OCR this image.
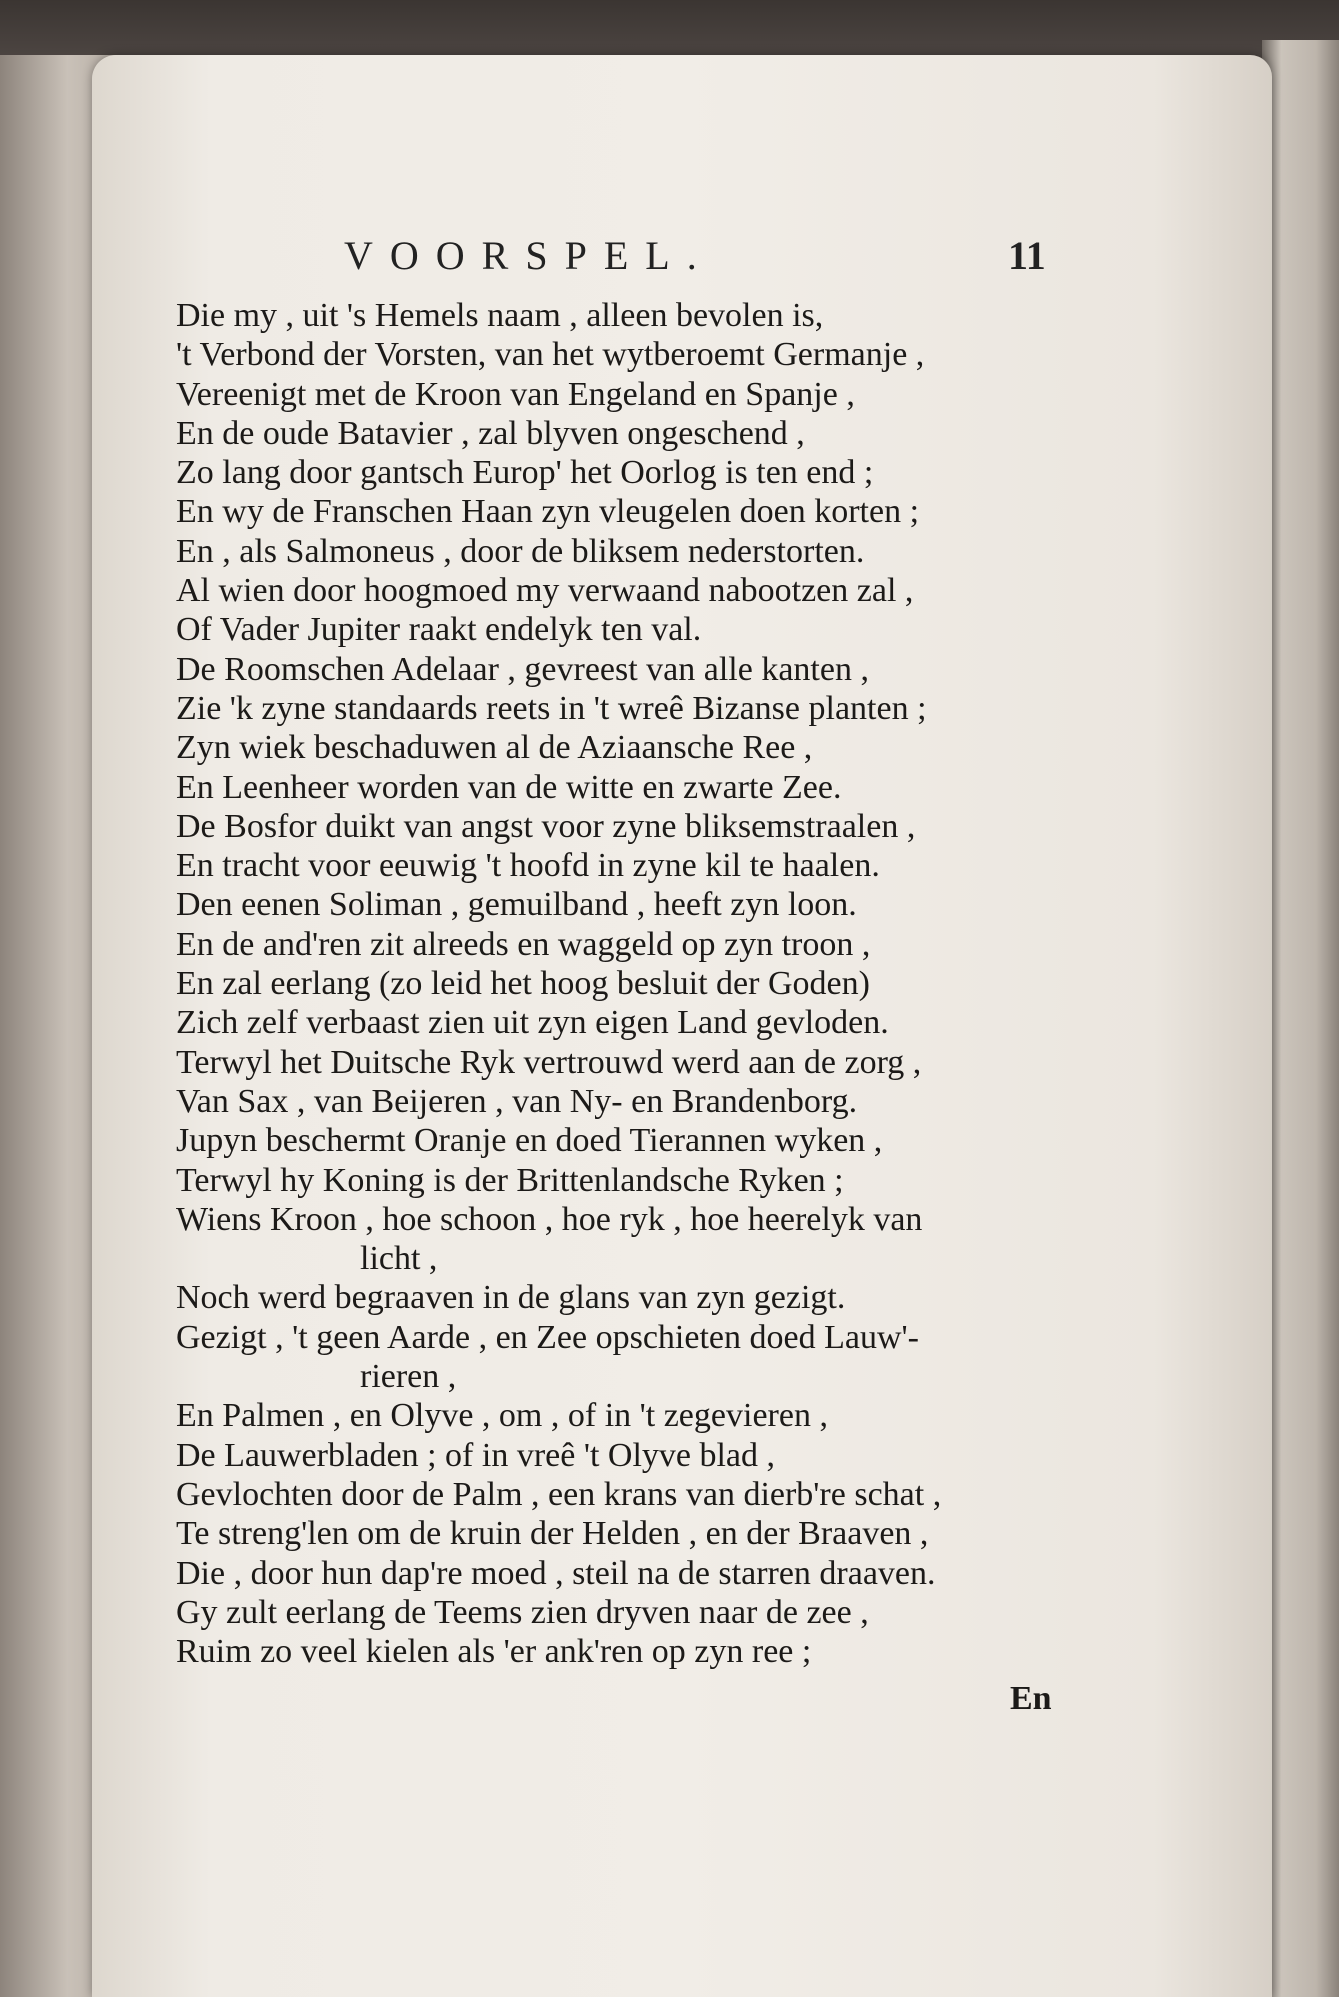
VOORSPEL.	11
Die my , uit 's Hemels naam , alleen bevolen is,
't Verbond der Vorsten, van het wytberoemt Germanje ,
Vereenigt met de Kroon van Engeland en Spanje ,
En de oude Batavier , zal blyven ongeschend ,
Zo lang door gantsch Europ' het Oorlog is ten end ;
En wy de Franschen Haan zyn vleugelen doen korten ;
En , als Salmoneus , door de bliksem nederstorten.
Al wien door hoogmoed my verwaand nabootzen zal ,
Of Vader Jupiter raakt endelyk ten val.
De Roomschen Adelaar , gevreest van alle kanten ,
Zie 'k zyne standaards reets in 't wreê Bizanse planten ;
Zyn wiek beschaduwen al de Aziaansche Ree ,
En Leenheer worden van de witte en zwarte Zee.
De Bosfor duikt van angst voor zyne bliksemstraalen ,
En tracht voor eeuwig 't hoofd in zyne kil te haalen.
Den eenen Soliman , gemuilband , heeft zyn loon.
En de and'ren zit alreeds en waggeld op zyn troon ,
En zal eerlang (zo leid het hoog besluit der Goden)
Zich zelf verbaast zien uit zyn eigen Land gevloden.
Terwyl het Duitsche Ryk vertrouwd werd aan de zorg ,
Van Sax , van Beijeren , van Ny- en Brandenborg.
Jupyn beschermt Oranje en doed Tierannen wyken ,
Terwyl hy Koning is der Brittenlandsche Ryken ;
Wiens Kroon , hoe schoon , hoe ryk , hoe heerelyk van
licht ,
Noch werd begraaven in de glans van zyn gezigt.
Gezigt , 't geen Aarde , en Zee opschieten doed Lauw'-
rieren ,
En Palmen , en Olyve , om , of in 't zegevieren ,
De Lauwerbladen ; of in vreê 't Olyve blad ,
Gevlochten door de Palm , een krans van dierb're schat ,
Te streng'len om de kruin der Helden , en der Braaven ,
Die , door hun dap're moed , steil na de starren draaven.
Gy zult eerlang de Teems zien dryven naar de zee ,
Ruim zo veel kielen als 'er ank'ren op zyn ree ;
En
